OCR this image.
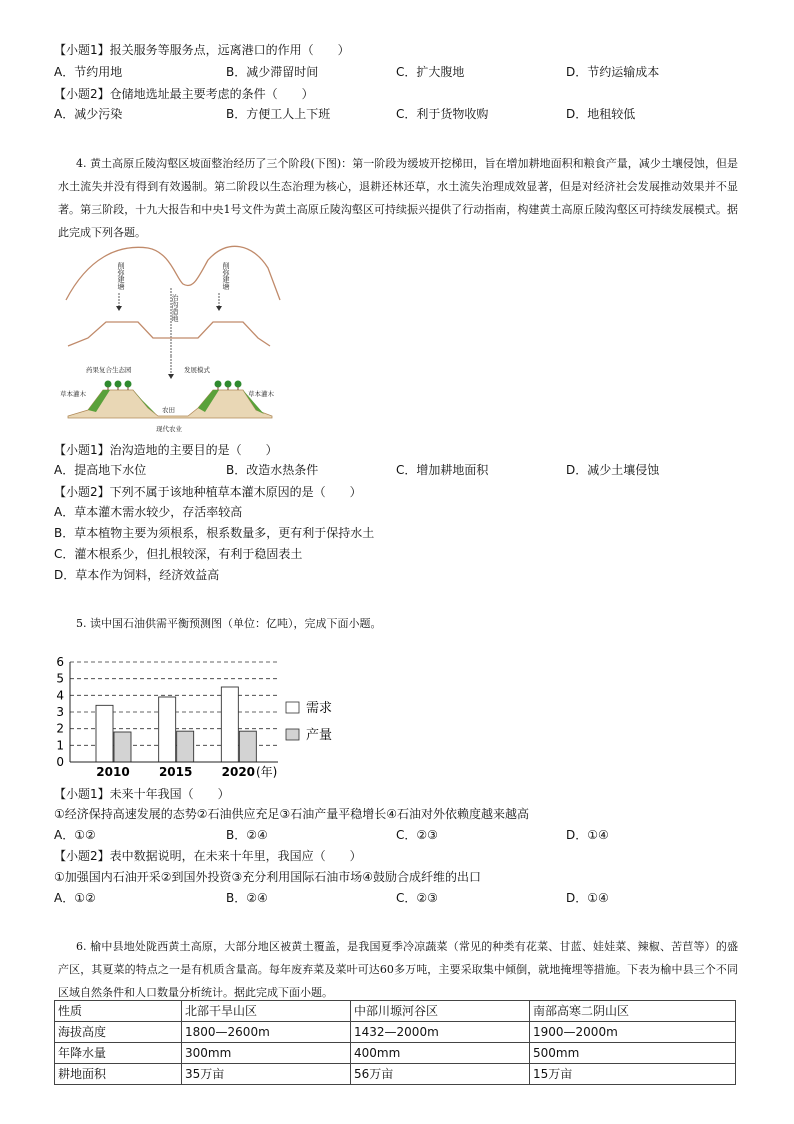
【小题1】报关服务等服务点，远离港口的作用（　　）
A．节约用地	B．减少滞留时间	C．扩大腹地	D．节约运输成本
【小题2】仓储地选址最主要考虑的条件（　　）
A．减少污染	B．方便工人上下班	C．利于货物收购	D．地租较低
4. 黄土高原丘陵沟壑区坡面整治经历了三个阶段(下图)：第一阶段为缓坡开挖梯田，旨在增加耕地面积和粮食产量，减少土壤侵蚀，但是水土流失并没有得到有效遏制。第二阶段以生态治理为核心，退耕还林还草，水土流失治理成效显著，但是对经济社会发展推动效果并不显著。第三阶段，十九大报告和中央1号文件为黄土高原丘陵沟壑区可持续振兴提供了行动指南，构建黄土高原丘陵沟壑区可持续发展模式。据此完成下列各题。
削弥建塘	削弥建塘
治沟造地
药果复合生态园	发展模式
草本灌木	草本灌木
农田
现代农业
【小题1】治沟造地的主要目的是（　　）
A．提高地下水位	B．改造水热条件	C．增加耕地面积	D．减少土壤侵蚀
【小题2】下列不属于该地种植草本灌木原因的是（　　）
A．草本灌木需水较少，存活率较高
B．草本植物主要为须根系，根系数量多，更有利于保持水土
C．灌木根系少，但扎根较深，有利于稳固表土
D．草本作为饲料，经济效益高
5. 读中国石油供需平衡预测图（单位：亿吨），完成下面小题。
0
1
2
3
4
5
6
2010 2015 2020 (年)
需求
产量
【小题1】未来十年我国（　　）
①经济保持高速发展的态势②石油供应充足③石油产量平稳增长④石油对外依赖度越来越高
A．①②	B．②④	C．②③	D．①④
【小题2】表中数据说明，在未来十年里，我国应（　　）
①加强国内石油开采②到国外投资③充分利用国际石油市场④鼓励合成纤维的出口
A．①②	B．②④	C．②③	D．①④
6. 榆中县地处陇西黄土高原，大部分地区被黄土覆盖，是我国夏季冷凉蔬菜（常见的种类有花菜、甘蓝、娃娃菜、辣椒、苦苣等）的盛产区，其夏菜的特点之一是有机质含量高。每年废弃菜及菜叶可达60多万吨，主要采取集中倾倒，就地掩埋等措施。下表为榆中县三个不同区域自然条件和人口数量分析统计。据此完成下面小题。
性质	北部干旱山区	中部川塬河谷区	南部高寒二阴山区
海拔高度	1800—2600m	1432—2000m	1900—2000m
年降水量	300mm	400mm	500mm
耕地面积	35万亩	56万亩	15万亩
